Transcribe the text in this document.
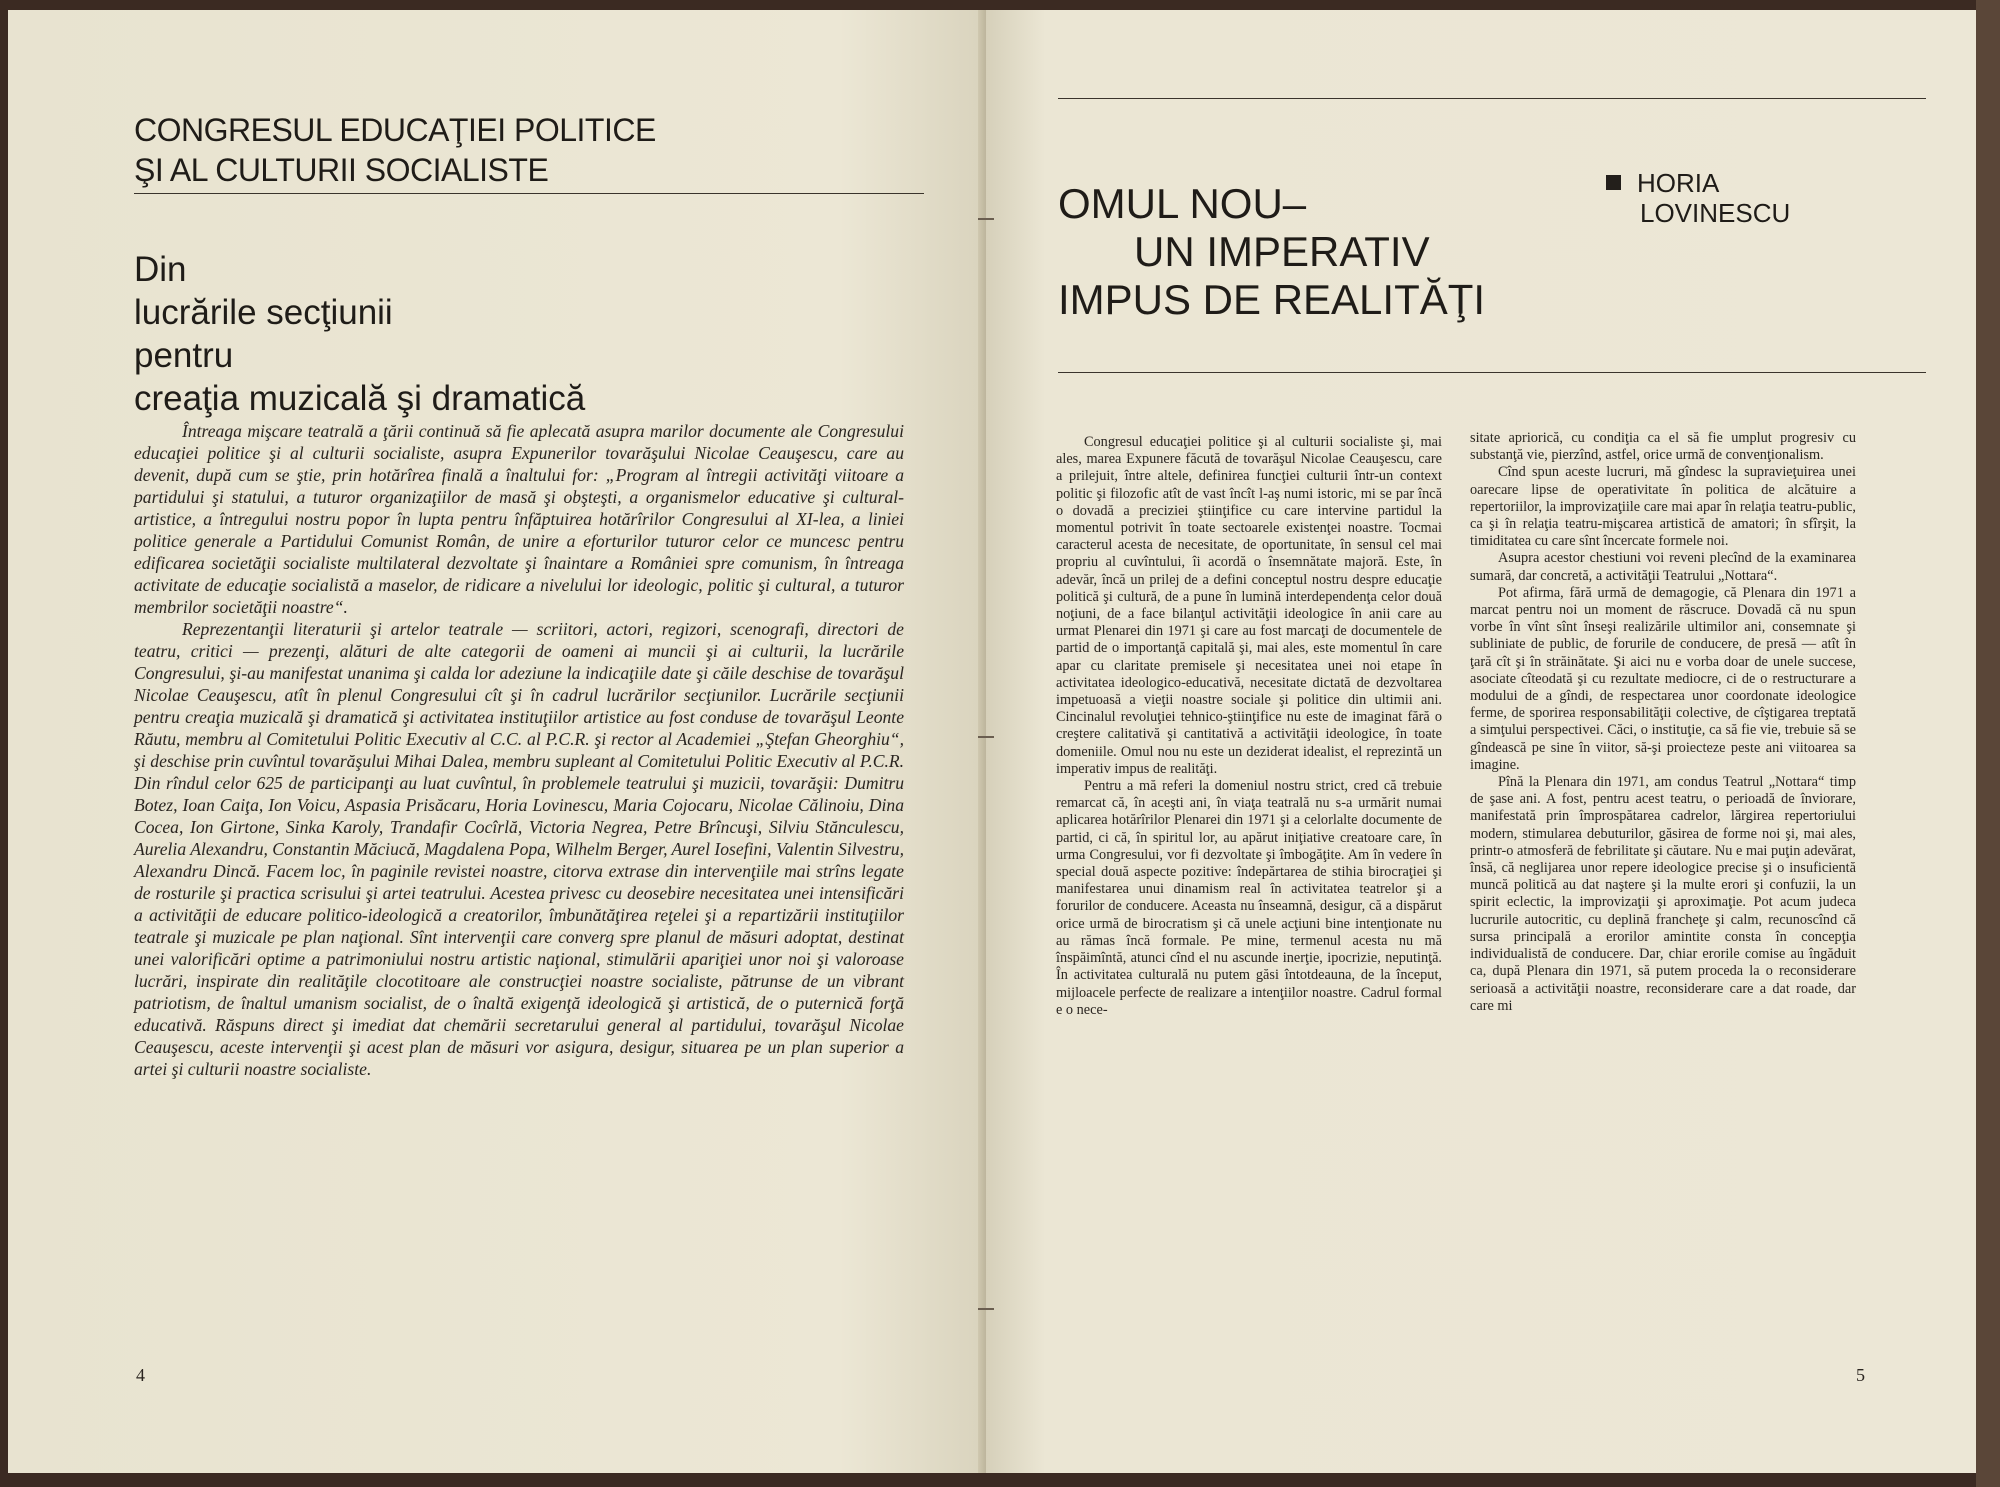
CONGRESUL EDUCAŢIEI POLITICE
ŞI AL CULTURII SOCIALISTE
Din
lucrările secţiunii
pentru
creaţia muzicală şi dramatică

Întreaga mişcare teatrală a ţării continuă să fie aplecată asupra marilor documente ale Congresului educaţiei politice şi al culturii socialiste, asupra Expunerilor tovarăşului Nicolae Ceauşescu, care au devenit, după cum se ştie, prin hotărîrea finală a înaltului for: „Program al întregii activităţi viitoare a partidului şi statului, a tuturor organizaţiilor de masă şi obşteşti, a organismelor educative şi cultural-artistice, a întregului nostru popor în lupta pentru înfăptuirea hotărîrilor Congresului al XI-lea, a liniei politice generale a Partidului Comunist Român, de unire a eforturilor tuturor celor ce muncesc pentru edificarea societăţii socialiste multilateral dezvoltate şi înaintare a României spre comunism, în întreaga activitate de educaţie socialistă a maselor, de ridicare a nivelului lor ideologic, politic şi cultural, a tuturor membrilor societăţii noastre“.

Reprezentanţii literaturii şi artelor teatrale — scriitori, actori, regizori, scenografi, directori de teatru, critici — prezenţi, alături de alte categorii de oameni ai muncii şi ai culturii, la lucrările Congresului, şi-au manifestat unanima şi calda lor adeziune la indicaţiile date şi căile deschise de tovarăşul Nicolae Ceauşescu, atît în plenul Congresului cît şi în cadrul lucrărilor secţiunilor. Lucrările secţiunii pentru creaţia muzicală şi dramatică şi activitatea instituţiilor artistice au fost conduse de tovarăşul Leonte Răutu, membru al Comitetului Politic Executiv al C.C. al P.C.R. şi rector al Academiei „Ştefan Gheorghiu“, şi deschise prin cuvîntul tovarăşului Mihai Dalea, membru supleant al Comitetului Politic Executiv al P.C.R. Din rîndul celor 625 de participanţi au luat cuvîntul, în problemele teatrului şi muzicii, tovarăşii: Dumitru Botez, Ioan Caiţa, Ion Voicu, Aspasia Prisăcaru, Horia Lovinescu, Maria Cojocaru, Nicolae Călinoiu, Dina Cocea, Ion Girtone, Sinka Karoly, Trandafir Cocîrlă, Victoria Negrea, Petre Brîncuşi, Silviu Stănculescu, Aurelia Alexandru, Constantin Măciucă, Magdalena Popa, Wilhelm Berger, Aurel Iosefini, Valentin Silvestru, Alexandru Dincă. Facem loc, în paginile revistei noastre, citorva extrase din intervenţiile mai strîns legate de rosturile şi practica scrisului şi artei teatrului. Acestea privesc cu deosebire necesitatea unei intensificări a activităţii de educare politico-ideologică a creatorilor, îmbunătăţirea reţelei şi a repartizării instituţiilor teatrale şi muzicale pe plan naţional. Sînt intervenţii care converg spre planul de măsuri adoptat, destinat unei valorificări optime a patrimoniului nostru artistic naţional, stimulării apariţiei unor noi şi valoroase lucrări, inspirate din realităţile clocotitoare ale construcţiei noastre socialiste, pătrunse de un vibrant patriotism, de înaltul umanism socialist, de o înaltă exigenţă ideologică şi artistică, de o puternică forţă educativă. Răspuns direct şi imediat dat chemării secretarului general al partidului, tovarăşul Nicolae Ceauşescu, aceste intervenţii şi acest plan de măsuri vor asigura, desigur, situarea pe un plan superior a artei şi culturii noastre socialiste.

4
OMUL NOU–
UN IMPERATIV
IMPUS DE REALITĂŢI
HORIA
LOVINESCU

Congresul educaţiei politice şi al culturii socialiste şi, mai ales, marea Expunere făcută de tovarăşul Nicolae Ceauşescu, care a prilejuit, între altele, definirea funcţiei culturii într-un context politic şi filozofic atît de vast încît l-aş numi istoric, mi se par încă o dovadă a preciziei ştiinţifice cu care intervine partidul la momentul potrivit în toate sectoarele existenţei noastre. Tocmai caracterul acesta de necesitate, de oportunitate, în sensul cel mai propriu al cuvîntului, îi acordă o însemnătate majoră. Este, în adevăr, încă un prilej de a defini conceptul nostru despre educaţie politică şi cultură, de a pune în lumină interdependenţa celor două noţiuni, de a face bilanţul activităţii ideologice în anii care au urmat Plenarei din 1971 şi care au fost marcaţi de documentele de partid de o importanţă capitală şi, mai ales, este momentul în care apar cu claritate premisele şi necesitatea unei noi etape în activitatea ideologico-educativă, necesitate dictată de dezvoltarea impetuoasă a vieţii noastre sociale şi politice din ultimii ani. Cincinalul revoluţiei tehnico-ştiinţifice nu este de imaginat fără o creştere calitativă şi cantitativă a activităţii ideologice, în toate domeniile. Omul nou nu este un deziderat idealist, el reprezintă un imperativ impus de realităţi.

Pentru a mă referi la domeniul nostru strict, cred că trebuie remarcat că, în aceşti ani, în viaţa teatrală nu s-a urmărit numai aplicarea hotărîrilor Plenarei din 1971 şi a celorlalte documente de partid, ci că, în spiritul lor, au apărut iniţiative creatoare care, în urma Congresului, vor fi dezvoltate şi îmbogăţite. Am în vedere în special două aspecte pozitive: îndepărtarea de stihia birocraţiei şi manifestarea unui dinamism real în activitatea teatrelor şi a forurilor de conducere. Aceasta nu înseamnă, desigur, că a dispărut orice urmă de birocratism şi că unele acţiuni bine intenţionate nu au rămas încă formale. Pe mine, termenul acesta nu mă înspăimîntă, atunci cînd el nu ascunde inerţie, ipocrizie, neputinţă. În activitatea culturală nu putem găsi întotdeauna, de la început, mijloacele perfecte de realizare a intenţiilor noastre. Cadrul formal e o nece-

sitate apriorică, cu condiţia ca el să fie umplut progresiv cu substanţă vie, pierzînd, astfel, orice urmă de convenţionalism.

Cînd spun aceste lucruri, mă gîndesc la supravieţuirea unei oarecare lipse de operativitate în politica de alcătuire a repertoriilor, la improvizaţiile care mai apar în relaţia teatru-public, ca şi în relaţia teatru-mişcarea artistică de amatori; în sfîrşit, la timiditatea cu care sînt încercate formele noi.

Asupra acestor chestiuni voi reveni plecînd de la examinarea sumară, dar concretă, a activităţii Teatrului „Nottara“.

Pot afirma, fără urmă de demagogie, că Plenara din 1971 a marcat pentru noi un moment de răscruce. Dovadă că nu spun vorbe în vînt sînt înseşi realizările ultimilor ani, consemnate şi subliniate de public, de forurile de conducere, de presă — atît în ţară cît şi în străinătate. Şi aici nu e vorba doar de unele succese, asociate cîteodată şi cu rezultate mediocre, ci de o restructurare a modului de a gîndi, de respectarea unor coordonate ideologice ferme, de sporirea responsabilităţii colective, de cîştigarea treptată a simţului perspectivei. Căci, o instituţie, ca să fie vie, trebuie să se gîndească pe sine în viitor, să-şi proiecteze peste ani viitoarea sa imagine.

Pînă la Plenara din 1971, am condus Teatrul „Nottara“ timp de şase ani. A fost, pentru acest teatru, o perioadă de înviorare, manifestată prin împrospătarea cadrelor, lărgirea repertoriului modern, stimularea debuturilor, găsirea de forme noi şi, mai ales, printr-o atmosferă de febrilitate şi căutare. Nu e mai puţin adevărat, însă, că neglijarea unor repere ideologice precise şi o insuficientă muncă politică au dat naştere şi la multe erori şi confuzii, la un spirit eclectic, la improvizaţii şi aproximaţie. Pot acum judeca lucrurile autocritic, cu deplină francheţe şi calm, recunoscînd că sursa principală a erorilor amintite consta în concepţia individualistă de conducere. Dar, chiar erorile comise au îngăduit ca, după Plenara din 1971, să putem proceda la o reconsiderare serioasă a activităţii noastre, reconsiderare care a dat roade, dar care mi

5
